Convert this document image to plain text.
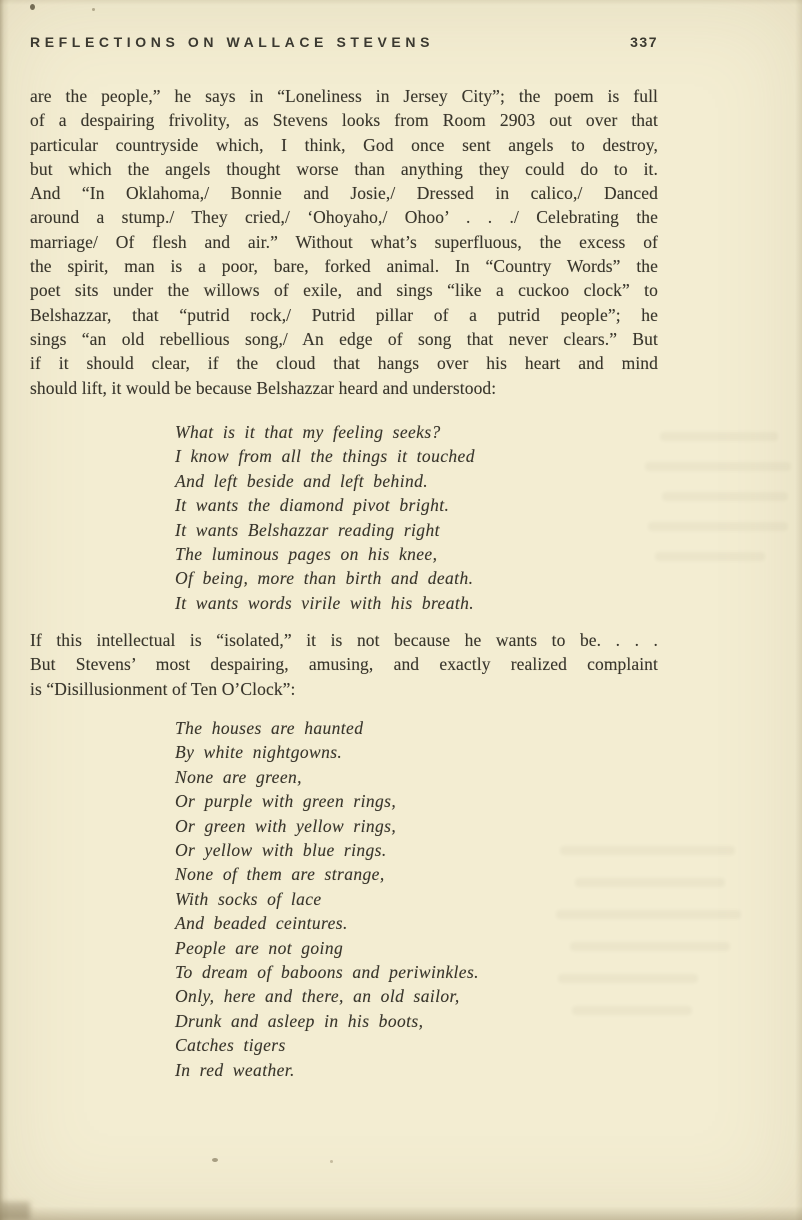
REFLECTIONS ON WALLACE STEVENS	337
are the people,” he says in “Loneliness in Jersey City”; the poem is full
of a despairing frivolity, as Stevens looks from Room 2903 out over that
particular countryside which, I think, God once sent angels to destroy,
but which the angels thought worse than anything they could do to it.
And “In Oklahoma,/ Bonnie and Josie,/ Dressed in calico,/ Danced
around a stump./ They cried,/ ‘Ohoyaho,/ Ohoo’ . . ./ Celebrating the
marriage/ Of flesh and air.” Without what’s superfluous, the excess of
the spirit, man is a poor, bare, forked animal. In “Country Words” the
poet sits under the willows of exile, and sings “like a cuckoo clock” to
Belshazzar, that “putrid rock,/ Putrid pillar of a putrid people”; he
sings “an old rebellious song,/ An edge of song that never clears.” But
if it should clear, if the cloud that hangs over his heart and mind
should lift, it would be because Belshazzar heard and understood:
What is it that my feeling seeks?
I know from all the things it touched
And left beside and left behind.
It wants the diamond pivot bright.
It wants Belshazzar reading right
The luminous pages on his knee,
Of being, more than birth and death.
It wants words virile with his breath.
If this intellectual is “isolated,” it is not because he wants to be. . . .
But Stevens’ most despairing, amusing, and exactly realized complaint
is “Disillusionment of Ten O’Clock”:
The houses are haunted
By white nightgowns.
None are green,
Or purple with green rings,
Or green with yellow rings,
Or yellow with blue rings.
None of them are strange,
With socks of lace
And beaded ceintures.
People are not going
To dream of baboons and periwinkles.
Only, here and there, an old sailor,
Drunk and asleep in his boots,
Catches tigers
In red weather.
